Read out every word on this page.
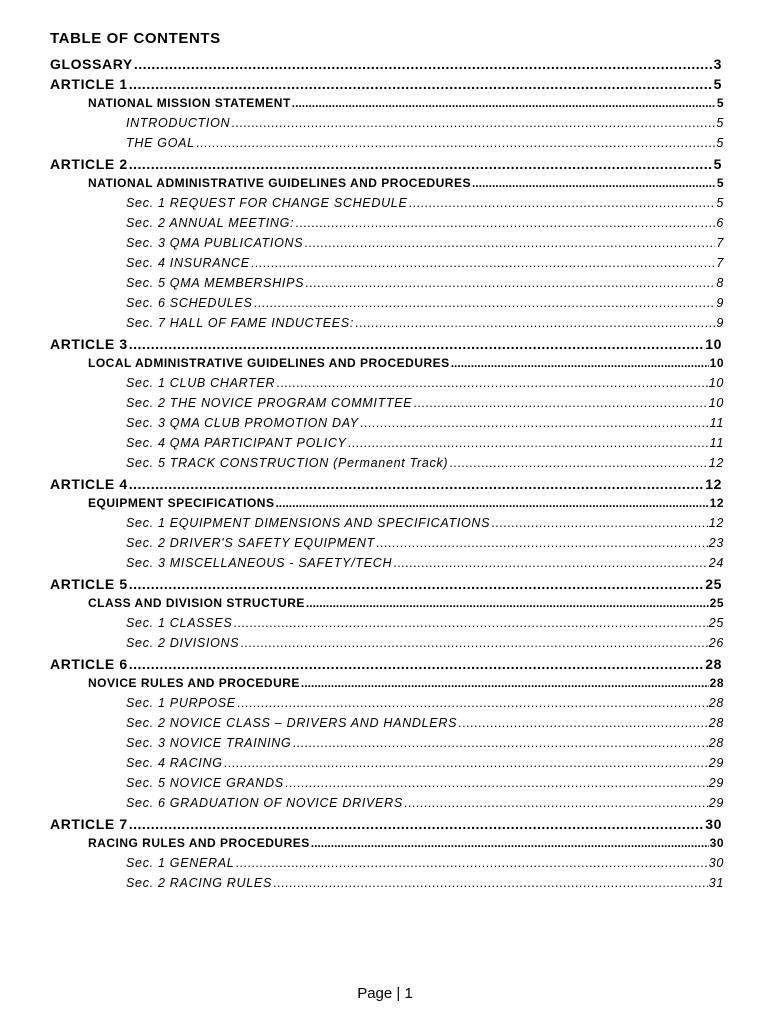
TABLE OF CONTENTS
GLOSSARY .....	3
ARTICLE 1 .....	5
NATIONAL MISSION STATEMENT .....	5
INTRODUCTION .....	5
THE GOAL .....	5
ARTICLE 2 .....	5
NATIONAL ADMINISTRATIVE GUIDELINES AND PROCEDURES .....	5
Sec. 1 REQUEST FOR CHANGE SCHEDULE .....	5
Sec. 2 ANNUAL MEETING: .....	6
Sec. 3 QMA PUBLICATIONS .....	7
Sec. 4 INSURANCE .....	7
Sec. 5 QMA MEMBERSHIPS .....	8
Sec. 6 SCHEDULES .....	9
Sec. 7 HALL OF FAME INDUCTEES: .....	9
ARTICLE 3 .....	10
LOCAL ADMINISTRATIVE GUIDELINES AND PROCEDURES .....	10
Sec. 1 CLUB CHARTER .....	10
Sec. 2 THE NOVICE PROGRAM COMMITTEE .....	10
Sec. 3 QMA CLUB PROMOTION DAY .....	11
Sec. 4 QMA PARTICIPANT POLICY .....	11
Sec. 5 TRACK CONSTRUCTION (Permanent Track) .....	12
ARTICLE 4 .....	12
EQUIPMENT SPECIFICATIONS .....	12
Sec. 1 EQUIPMENT DIMENSIONS AND SPECIFICATIONS .....	12
Sec. 2 DRIVER'S SAFETY EQUIPMENT .....	23
Sec. 3 MISCELLANEOUS - SAFETY/TECH .....	24
ARTICLE 5 .....	25
CLASS AND DIVISION STRUCTURE .....	25
Sec. 1 CLASSES .....	25
Sec. 2 DIVISIONS .....	26
ARTICLE 6 .....	28
NOVICE RULES AND PROCEDURE .....	28
Sec. 1 PURPOSE .....	28
Sec. 2 NOVICE CLASS – DRIVERS AND HANDLERS .....	28
Sec. 3 NOVICE TRAINING .....	28
Sec. 4 RACING .....	29
Sec. 5 NOVICE GRANDS .....	29
Sec. 6 GRADUATION OF NOVICE DRIVERS .....	29
ARTICLE 7 .....	30
RACING RULES AND PROCEDURES .....	30
Sec. 1 GENERAL .....	30
Sec. 2 RACING RULES .....	31
Page | 1
